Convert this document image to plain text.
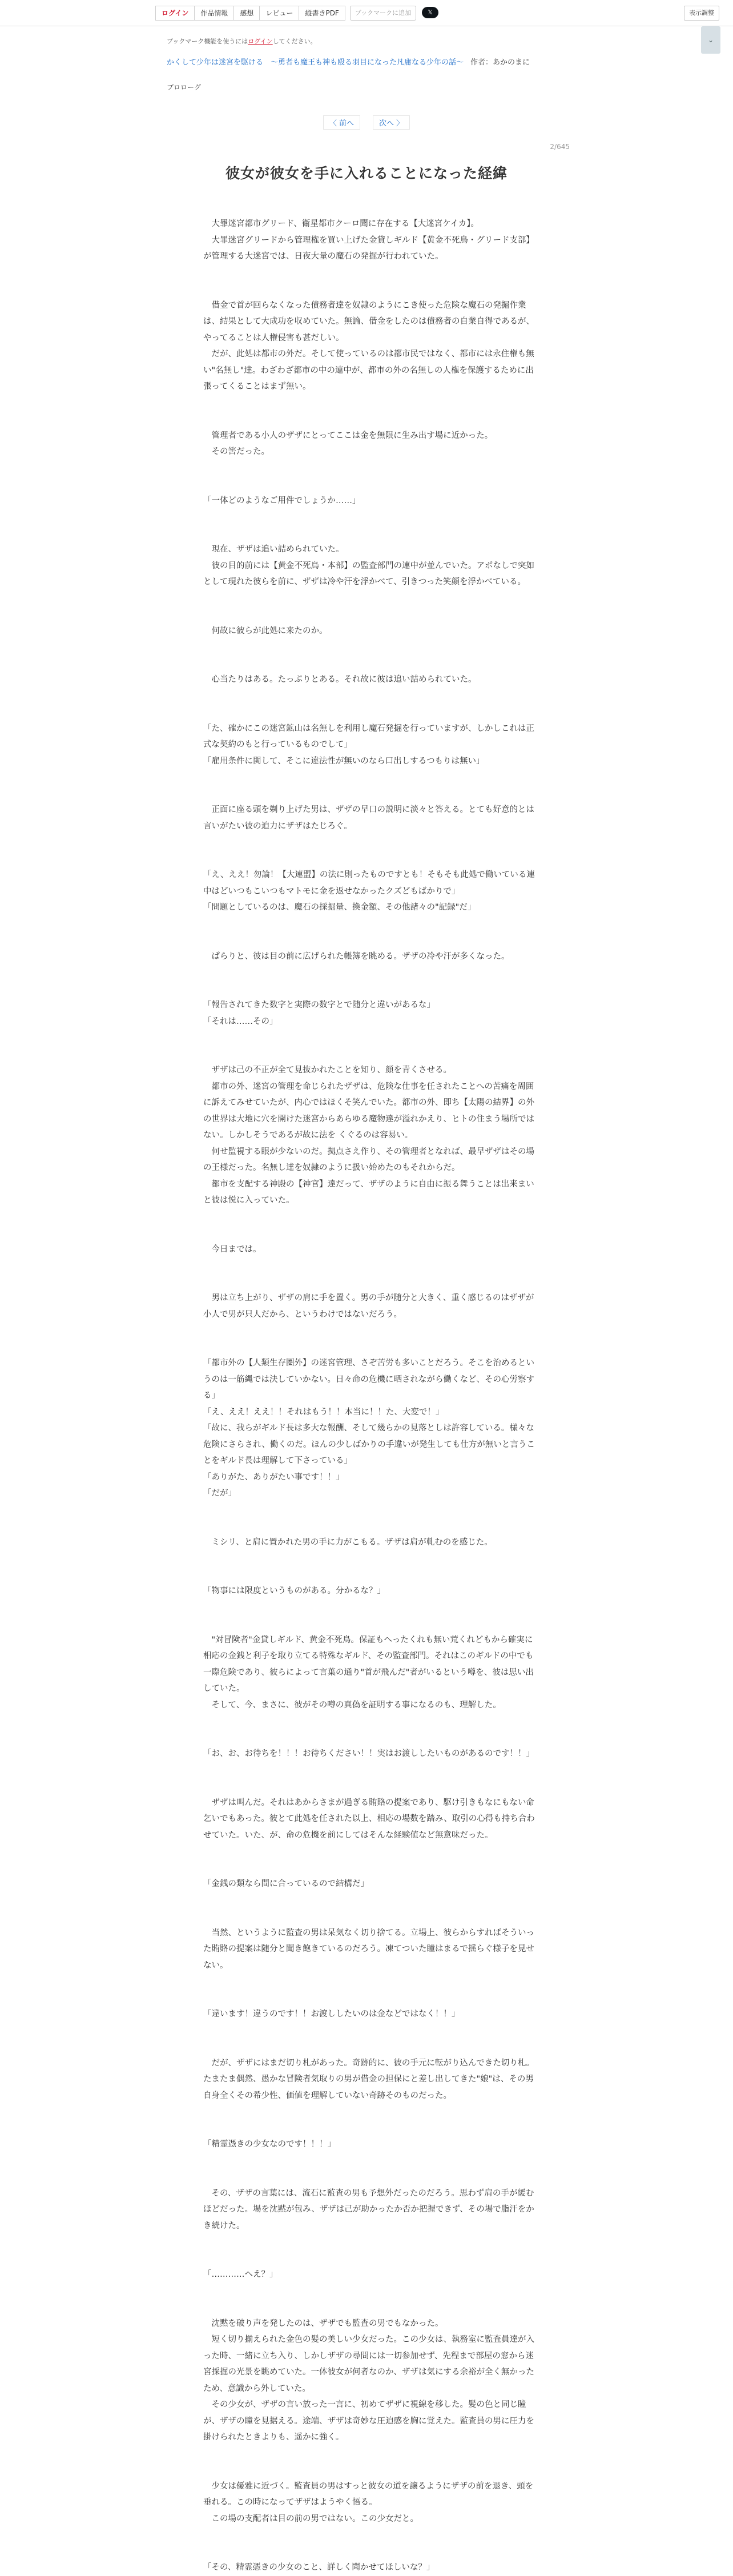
ログイン	作品情報	感想	レビュー	縦書きPDF	ブックマークに追加	𝕏	表示調整
⌄
ブックマーク機能を使うにはログインしてください。
かくして少年は迷宮を駆ける　〜勇者も魔王も神も殴る羽目になった凡庸なる少年の話〜 作者：あかのまに
プロローグ
〈 前へ	次へ 〉
2/645
彼女が彼女を手に入れることになった経緯
　大罪迷宮都市グリード、衛星都市クーロ聞に存在する【大迷宮ケイカ】。
　大罪迷宮グリードから管理権を買い上げた金貸しギルド【黄金不死鳥・グリード支部】が管理する大迷宮では、日夜大量の魔石の発掘が行われていた。

　借金で首が回らなくなった債務者達を奴隷のようにこき使った危険な魔石の発掘作業は、結果として大成功を収めていた。無論、借金をしたのは債務者の自業自得であるが、やってることは人権侵害も甚だしい。
　だが、此処は都市の外だ。そして使っているのは都市民ではなく、都市には永住権も無い"名無し"達。わざわざ都市の中の連中が、都市の外の名無しの人権を保護するために出張ってくることはまず無い。

　管理者である小人のザザにとってここは金を無限に生み出す場に近かった。
　その筈だった。

「一体どのようなご用件でしょうか……」

　現在、ザザは追い詰められていた。
　彼の目的前には【黄金不死鳥・本部】の監査部門の連中が並んでいた。アポなしで突如として現れた彼らを前に、ザザは冷や汗を浮かべて、引きつった笑顔を浮かべている。

　何故に彼らが此処に来たのか。

　心当たりはある。たっぷりとある。それ故に彼は追い詰められていた。

「た、確かにこの迷宮鉱山は名無しを利用し魔石発掘を行っていますが、しかしこれは正式な契約のもと行っているものでして」
「雇用条件に関して、そこに違法性が無いのなら口出しするつもりは無い」

　正面に座る頭を剃り上げた男は、ザザの早口の説明に淡々と答える。とても好意的とは言いがたい彼の迫力にザザはたじろぐ。

「え、ええ！勿論！【大連盟】の法に則ったものですとも！そもそも此処で働いている連中はどいつもこいつもマトモに金を返せなかったクズどもばかりで」
「問題としているのは、魔石の採掘量、換金額、その他諸々の"記録"だ」

　ぱらりと、彼は目の前に広げられた帳簿を眺める。ザザの冷や汗が多くなった。

「報告されてきた数字と実際の数字とで随分と違いがあるな」
「それは……その」

　ザザは己の不正が全て見抜かれたことを知り、顔を青くさせる。
　都市の外、迷宮の管理を命じられたザザは、危険な仕事を任されたことへの苦痛を周囲に訴えてみせていたが、内心ではほくそ笑んでいた。都市の外、即ち【太陽の結界】の外の世界は大地に穴を開けた迷宮からあらゆる魔物達が溢れかえり、ヒトの住まう場所ではない。しかしそうであるが故に法を くぐるのは容易い。
　何せ監視する眼が少ないのだ。拠点さえ作り、その管理者となれば、最早ザザはその場の王様だった。名無し達を奴隷のように扱い始めたのもそれからだ。
　都市を支配する神殿の【神官】達だって、ザザのように自由に振る舞うことは出来まいと彼は悦に入っていた。

　今日までは。

　男は立ち上がり、ザザの肩に手を置く。男の手が随分と大きく、重く感じるのはザザが小人で男が只人だから、というわけではないだろう。

「都市外の【人類生存圏外】の迷宮管理、さぞ苦労も多いことだろう。そこを治めるというのは一筋縄では決していかない。日々命の危機に晒されながら働くなど、その心労察する」
「え、ええ！ええ！！それはもう！！本当に！！た、大変で！」
「故に、我らがギルド長は多大な報酬、そして幾らかの見落としは許容している。様々な危険にさらされ、働くのだ。ほんの少しばかりの手違いが発生しても仕方が無いと言うことをギルド長は理解して下さっている」
「ありがた、ありがたい事です！！」
「だが」

　ミシリ、と肩に置かれた男の手に力がこもる。ザザは肩が軋むのを感じた。

「物事には限度というものがある。分かるな？」

　"対冒険者"金貸しギルド、黄金不死鳥。保証もへったくれも無い荒くれどもから確実に相応の金銭と利子を取り立てる特殊なギルド、その監査部門。それはこのギルドの中でも一際危険であり、彼らによって言葉の通り"首が飛んだ"者がいるという噂を、彼は思い出していた。
　そして、今、まさに、彼がその噂の真偽を証明する事になるのも、理解した。

「お、お、お待ちを！！！お待ちください！！実はお渡ししたいものがあるのです！！」

　ザザは叫んだ。それはあからさまが過ぎる賄賂の提案であり、駆け引きもなにもない命乞いでもあった。彼とて此処を任された以上、相応の場数を踏み、取引の心得も持ち合わせていた。いた、が、命の危機を前にしてはそんな経験値など無意味だった。

「金銭の類なら間に合っているので結構だ」

　当然、というように監査の男は呆気なく切り捨てる。立場上、彼らからすればそういった賄賂の提案は随分と聞き飽きているのだろう。凍てついた瞳はまるで揺らぐ様子を見せない。

「違います！違うのです！！お渡ししたいのは金などではなく！！」

　だが、ザザにはまだ切り札があった。奇跡的に、彼の手元に転がり込んできた切り札。たまたま偶然、愚かな冒険者気取りの男が借金の担保にと差し出してきた"娘"は、その男自身全くその希少性、価値を理解していない奇跡そのものだった。

「精霊憑きの少女なのです！！！」

　その、ザザの言葉には、流石に監査の男も予想外だったのだろう。思わず肩の手が緩むほどだった。場を沈黙が包み、ザザは己が助かったか否か把握できず、その場で脂汗をかき続けた。

「…………へえ？」

　沈黙を破り声を発したのは、ザザでも監査の男でもなかった。
　短く切り揃えられた金色の髪の美しい少女だった。この少女は、執務室に監査員達が入った時、一緒に立ち入り、しかしザザの尋問には一切参加せず、先程まで部屋の窓から迷宮採掘の光景を眺めていた。一体彼女が何者なのか、ザザは気にする余裕が全く無かったため、意識から外していた。
　その少女が、ザザの言い放った一言に、初めてザザに視線を移した。髪の色と同じ瞳が、ザザの瞳を見据える。途端、ザザは奇妙な圧迫感を胸に覚えた。監査員の男に圧力を掛けられたときよりも、遥かに強く。

　少女は優雅に近づく。監査員の男はすっと彼女の道を譲るようにザザの前を退き、頭を垂れる。この時になってザザはようやく悟る。
　この場の支配者は目の前の男ではない。この少女だと。

「その、精霊憑きの少女のこと、詳しく聞かせてほしいな？」
